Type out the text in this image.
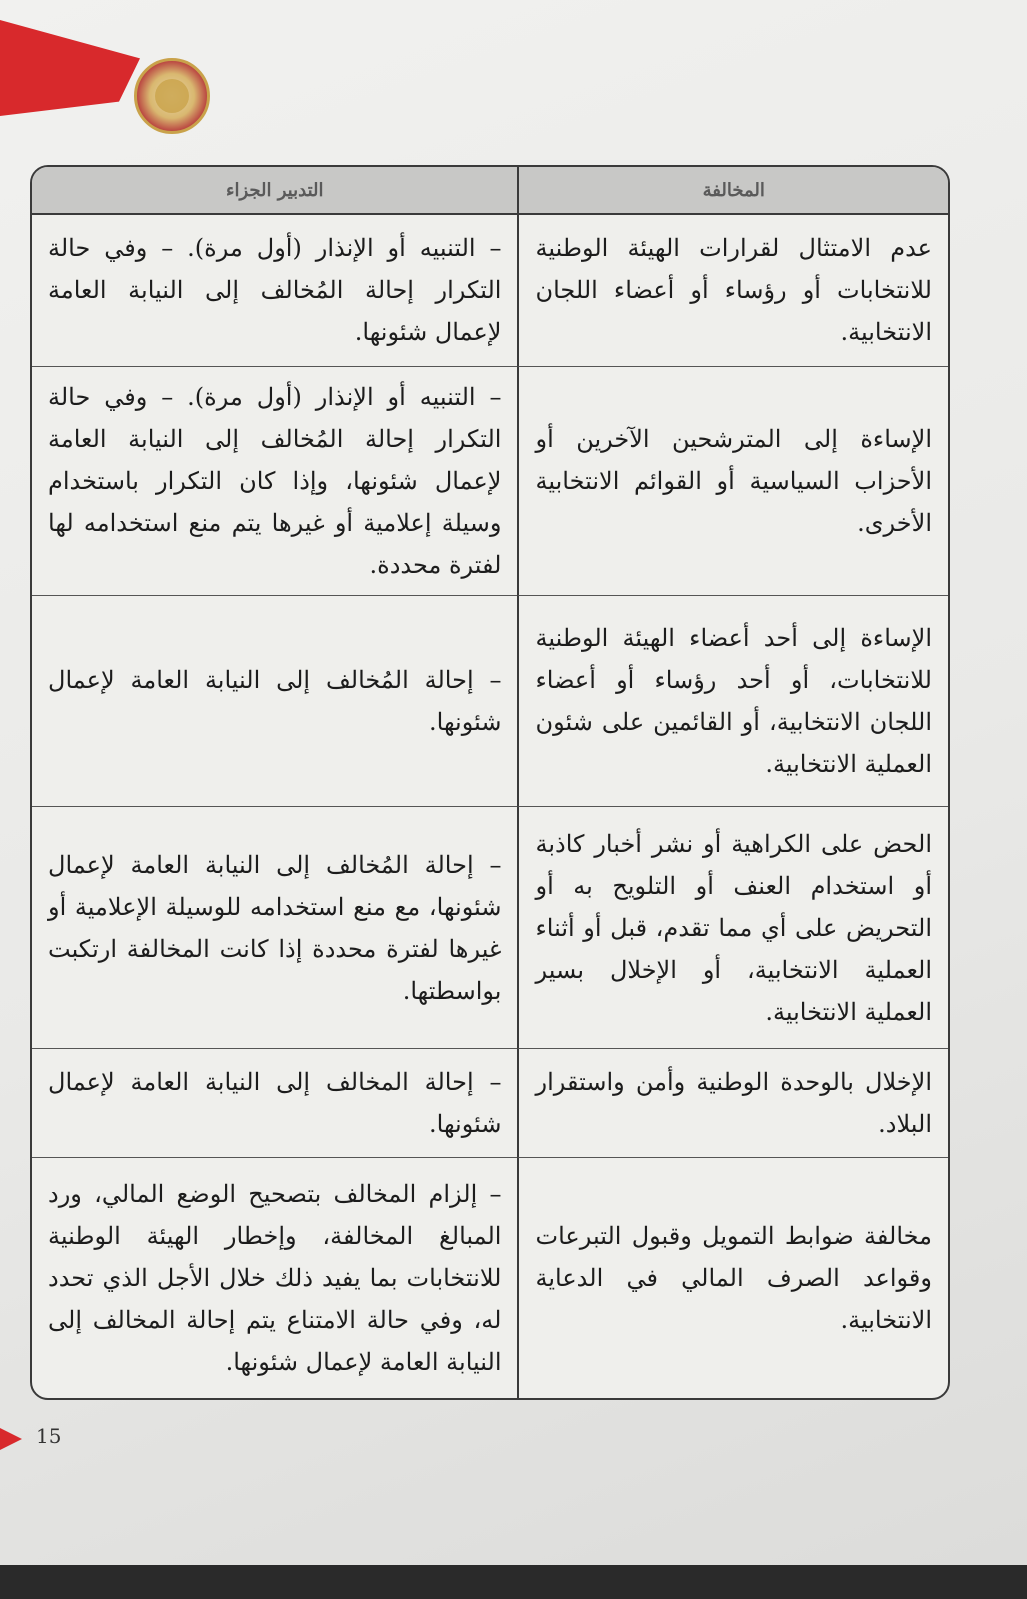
المخالفة	التدبير الجزاء
عدم الامتثال لقرارات الهيئة الوطنية للانتخابات أو رؤساء أو أعضاء اللجان الانتخابية.	– التنبيه أو الإنذار (أول مرة). – وفي حالة التكرار إحالة المُخالف إلى النيابة العامة لإعمال شئونها.
الإساءة إلى المترشحين الآخرين أو الأحزاب السياسية أو القوائم الانتخابية الأخرى.	– التنبيه أو الإنذار (أول مرة). – وفي حالة التكرار إحالة المُخالف إلى النيابة العامة لإعمال شئونها، وإذا كان التكرار باستخدام وسيلة إعلامية أو غيرها يتم منع استخدامه لها لفترة محددة.
الإساءة إلى أحد أعضاء الهيئة الوطنية للانتخابات، أو أحد رؤساء أو أعضاء اللجان الانتخابية، أو القائمين على شئون العملية الانتخابية.	– إحالة المُخالف إلى النيابة العامة لإعمال شئونها.
الحض على الكراهية أو نشر أخبار كاذبة أو استخدام العنف أو التلويح به أو التحريض على أي مما تقدم، قبل أو أثناء العملية الانتخابية، أو الإخلال بسير العملية الانتخابية.	– إحالة المُخالف إلى النيابة العامة لإعمال شئونها، مع منع استخدامه للوسيلة الإعلامية أو غيرها لفترة محددة إذا كانت المخالفة ارتكبت بواسطتها.
الإخلال بالوحدة الوطنية وأمن واستقرار البلاد.	– إحالة المخالف إلى النيابة العامة لإعمال شئونها.
مخالفة ضوابط التمويل وقبول التبرعات وقواعد الصرف المالي في الدعاية الانتخابية.	– إلزام المخالف بتصحيح الوضع المالي، ورد المبالغ المخالفة، وإخطار الهيئة الوطنية للانتخابات بما يفيد ذلك خلال الأجل الذي تحدد له، وفي حالة الامتناع يتم إحالة المخالف إلى النيابة العامة لإعمال شئونها.
15
